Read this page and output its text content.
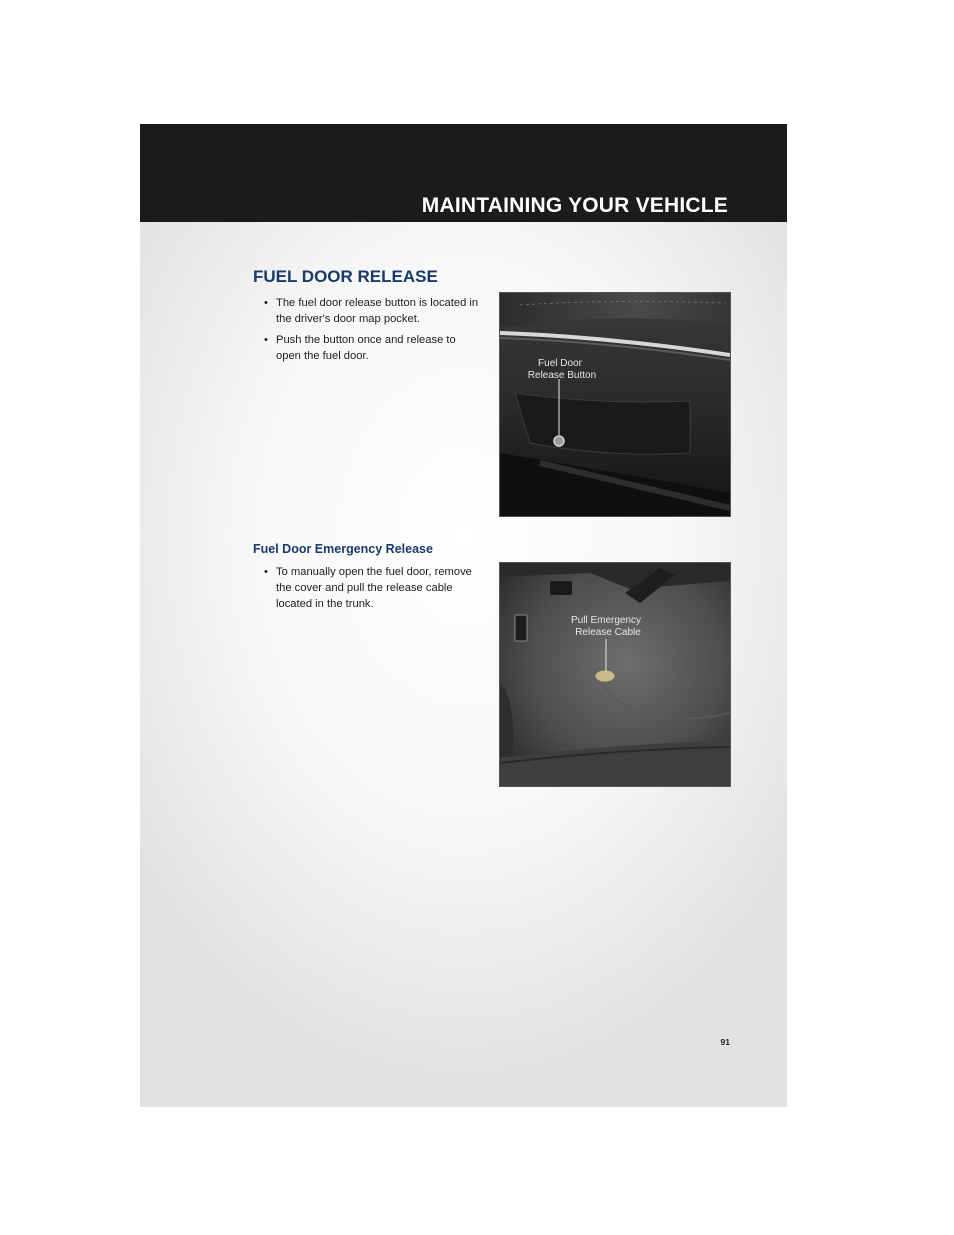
MAINTAINING YOUR VEHICLE
FUEL DOOR RELEASE
• The fuel door release button is located in the driver's door map pocket.
• Push the button once and release to open the fuel door.
Fuel Door
Release Button
Fuel Door Emergency Release
• To manually open the fuel door, remove the cover and pull the release cable located in the trunk.
Pull Emergency
Release Cable

91
